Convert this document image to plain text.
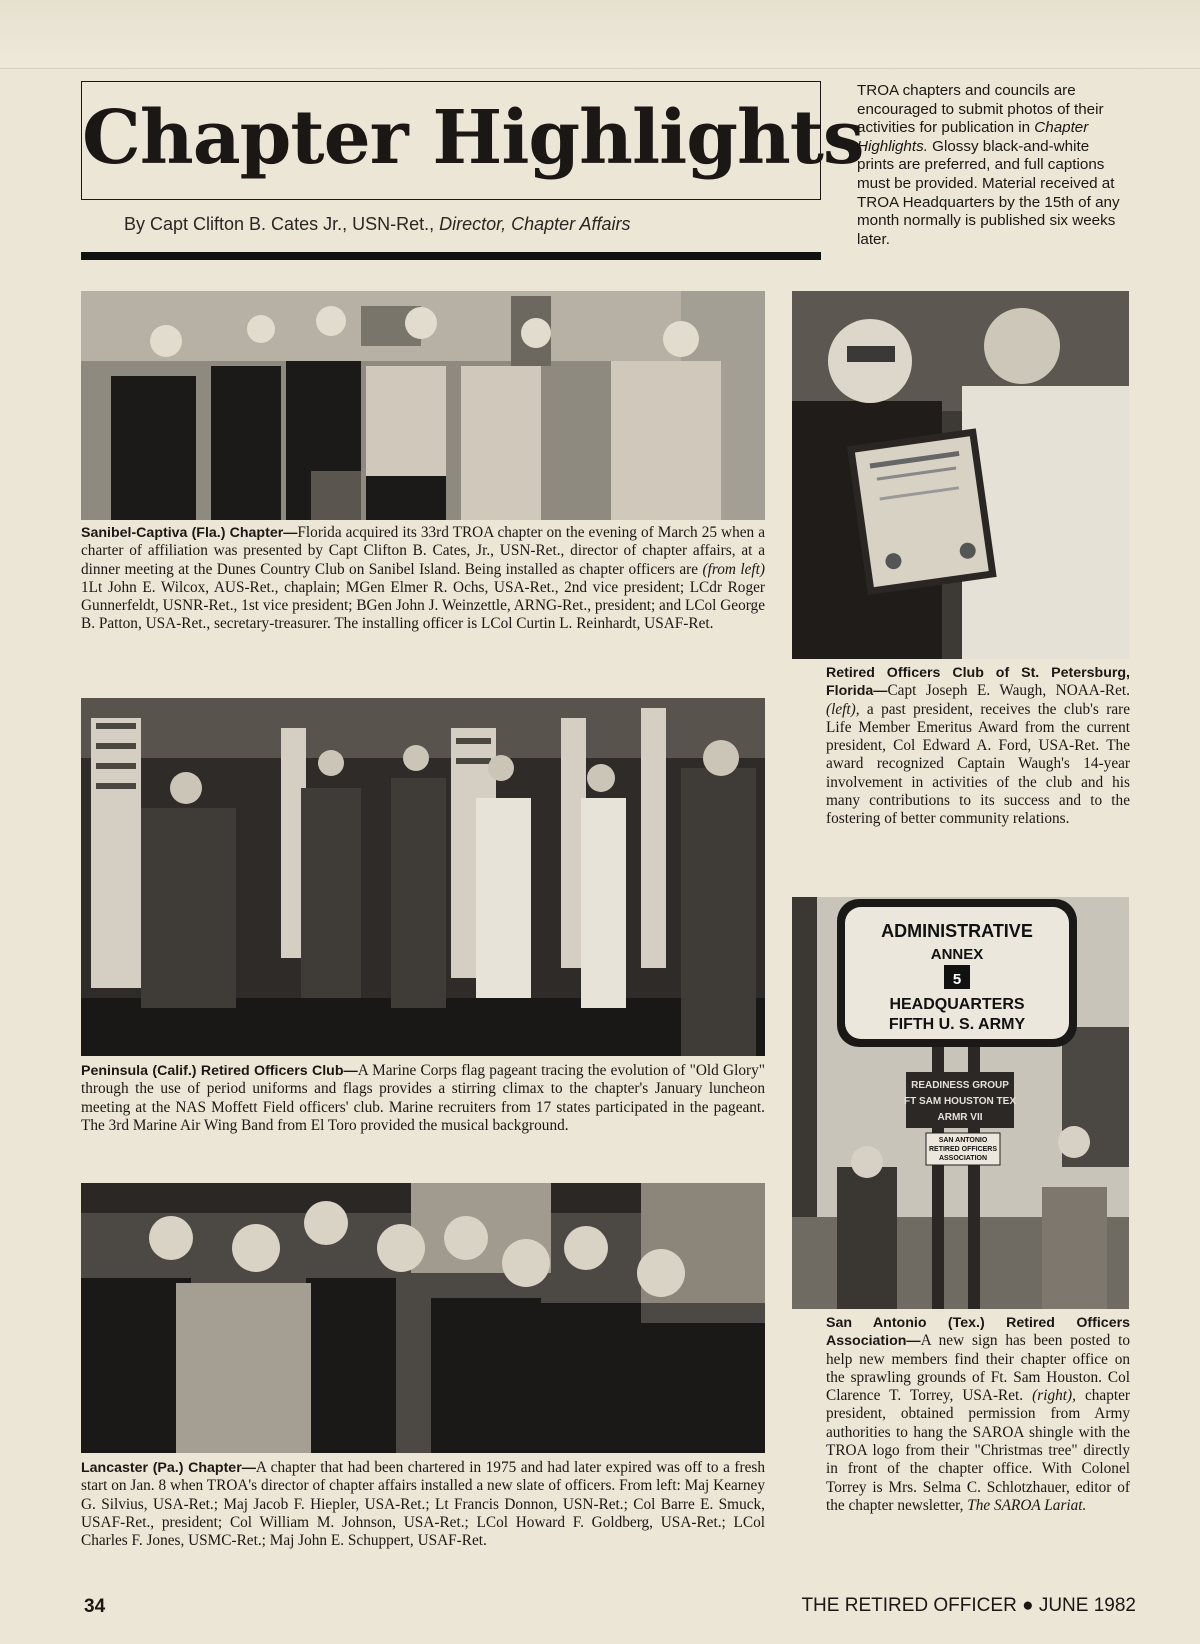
Chapter Highlights
By Capt Clifton B. Cates Jr., USN-Ret., Director, Chapter Affairs
TROA chapters and councils are encouraged to submit photos of their activities for publication in Chapter Highlights. Glossy black-and-white prints are preferred, and full captions must be provided. Material received at TROA Headquarters by the 15th of any month normally is published six weeks later.
Sanibel-Captiva (Fla.) Chapter—Florida acquired its 33rd TROA chapter on the evening of March 25 when a charter of affiliation was presented by Capt Clifton B. Cates, Jr., USN-Ret., director of chapter affairs, at a dinner meeting at the Dunes Country Club on Sanibel Island. Being installed as chapter officers are (from left) 1Lt John E. Wilcox, AUS-Ret., chaplain; MGen Elmer R. Ochs, USA-Ret., 2nd vice president; LCdr Roger Gunnerfeldt, USNR-Ret., 1st vice president; BGen John J. Weinzettle, ARNG-Ret., president; and LCol George B. Patton, USA-Ret., secretary-treasurer. The installing officer is LCol Curtin L. Reinhardt, USAF-Ret.
Retired Officers Club of St. Petersburg, Florida—Capt Joseph E. Waugh, NOAA-Ret. (left), a past president, receives the club's rare Life Member Emeritus Award from the current president, Col Edward A. Ford, USA-Ret. The award recognized Captain Waugh's 14-year involvement in activities of the club and his many contributions to its success and to the fostering of better community relations.
Peninsula (Calif.) Retired Officers Club—A Marine Corps flag pageant tracing the evolution of "Old Glory" through the use of period uniforms and flags provides a stirring climax to the chapter's January luncheon meeting at the NAS Moffett Field officers' club. Marine recruiters from 17 states participated in the pageant. The 3rd Marine Air Wing Band from El Toro provided the musical background.
ADMINISTRATIVE
ANNEX
5
HEADQUARTERS
FIFTH U. S. ARMY
READINESS GROUP
FT SAM HOUSTON TEX
ARMR VII
SAN ANTONIO
RETIRED OFFICERS
ASSOCIATION
San Antonio (Tex.) Retired Officers Association—A new sign has been posted to help new members find their chapter office on the sprawling grounds of Ft. Sam Houston. Col Clarence T. Torrey, USA-Ret. (right), chapter president, obtained permission from Army authorities to hang the SAROA shingle with the TROA logo from their "Christmas tree" directly in front of the chapter office. With Colonel Torrey is Mrs. Selma C. Schlotzhauer, editor of the chapter newsletter, The SAROA Lariat.
Lancaster (Pa.) Chapter—A chapter that had been chartered in 1975 and had later expired was off to a fresh start on Jan. 8 when TROA's director of chapter affairs installed a new slate of officers. From left: Maj Kearney G. Silvius, USA-Ret.; Maj Jacob F. Hiepler, USA-Ret.; Lt Francis Donnon, USN-Ret.; Col Barre E. Smuck, USAF-Ret., president; Col William M. Johnson, USA-Ret.; LCol Howard F. Goldberg, USA-Ret.; LCol Charles F. Jones, USMC-Ret.; Maj John E. Schuppert, USAF-Ret.
34	THE RETIRED OFFICER ● JUNE 1982
